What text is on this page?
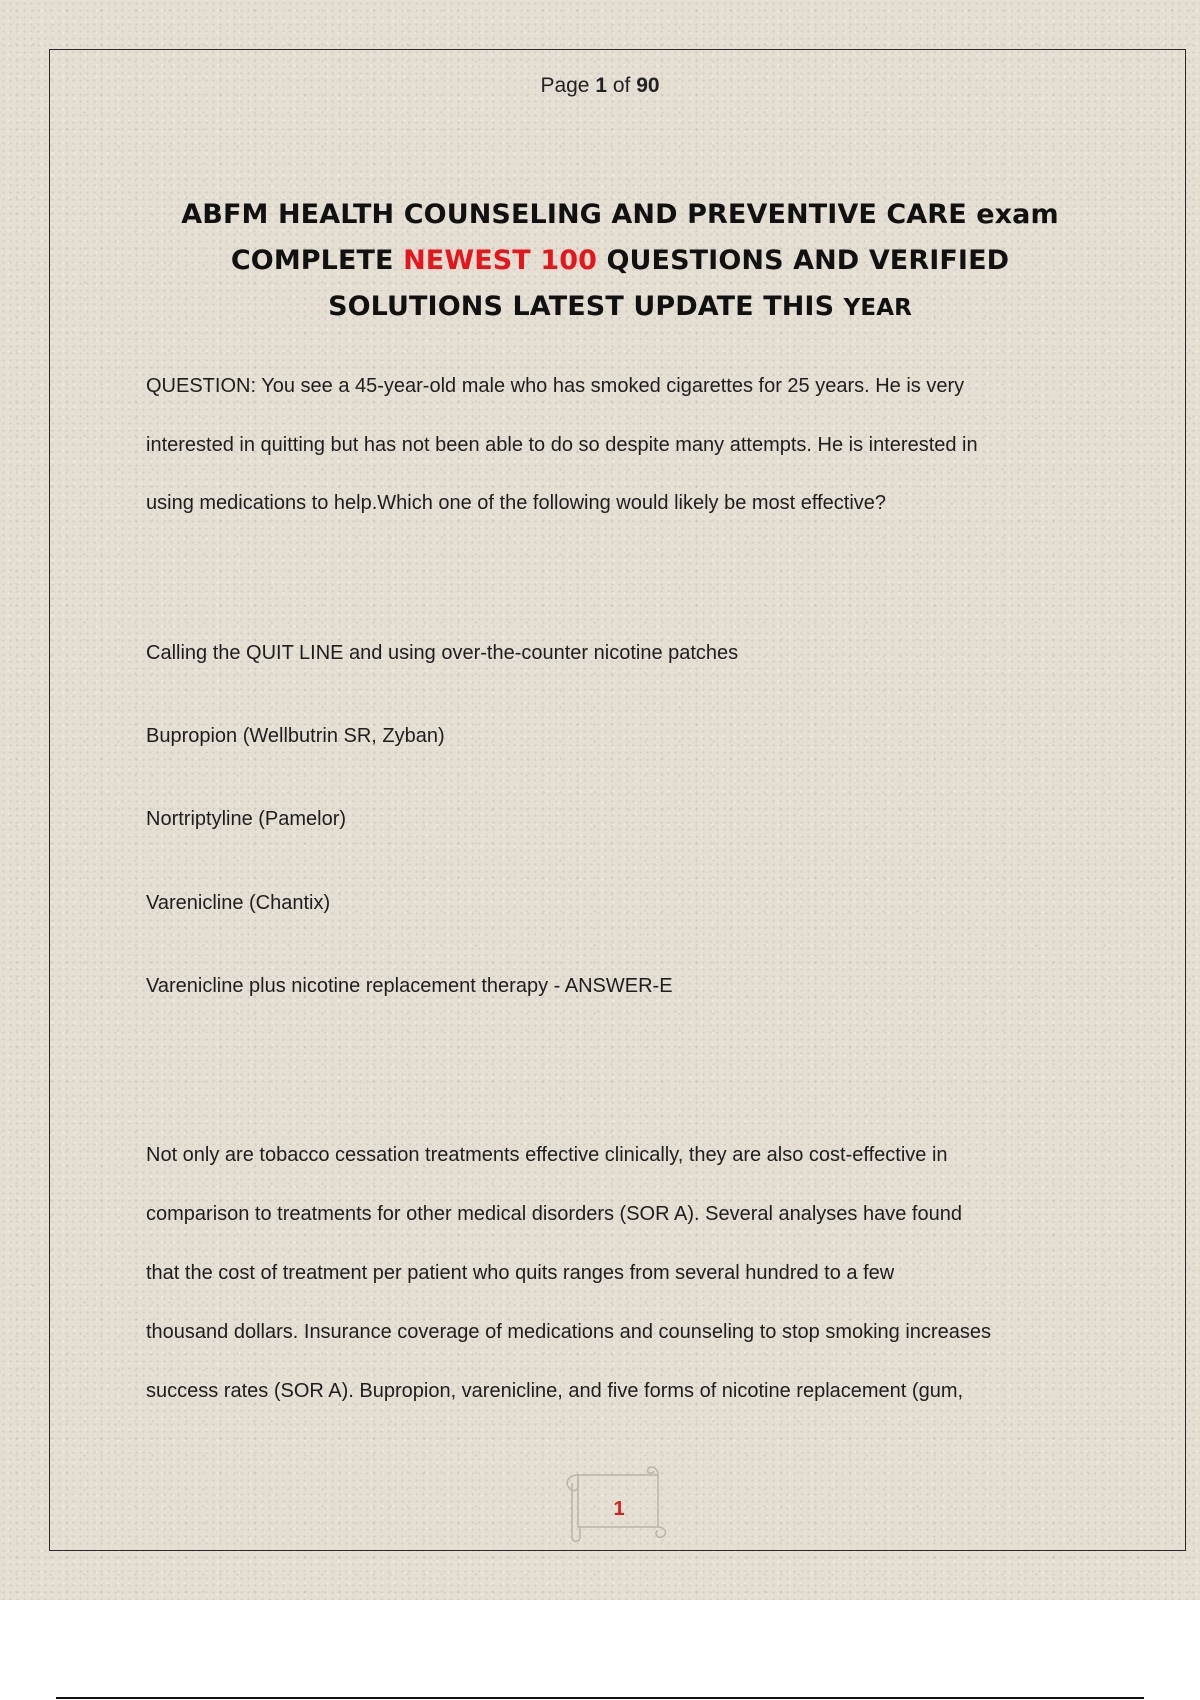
Page 1 of 90
ABFM HEALTH COUNSELING AND PREVENTIVE CARE exam
COMPLETE NEWEST 100 QUESTIONS AND VERIFIED
SOLUTIONS LATEST UPDATE THIS YEAR
QUESTION: You see a 45-year-old male who has smoked cigarettes for 25 years. He is very
interested in quitting but has not been able to do so despite many attempts. He is interested in
using medications to help.Which one of the following would likely be most effective?
Calling the QUIT LINE and using over-the-counter nicotine patches
Bupropion (Wellbutrin SR, Zyban)
Nortriptyline (Pamelor)
Varenicline (Chantix)
Varenicline plus nicotine replacement therapy - ANSWER-E
Not only are tobacco cessation treatments effective clinically, they are also cost-effective in
comparison to treatments for other medical disorders (SOR A). Several analyses have found
that the cost of treatment per patient who quits ranges from several hundred to a few
thousand dollars. Insurance coverage of medications and counseling to stop smoking increases
success rates (SOR A). Bupropion, varenicline, and five forms of nicotine replacement (gum,
1
